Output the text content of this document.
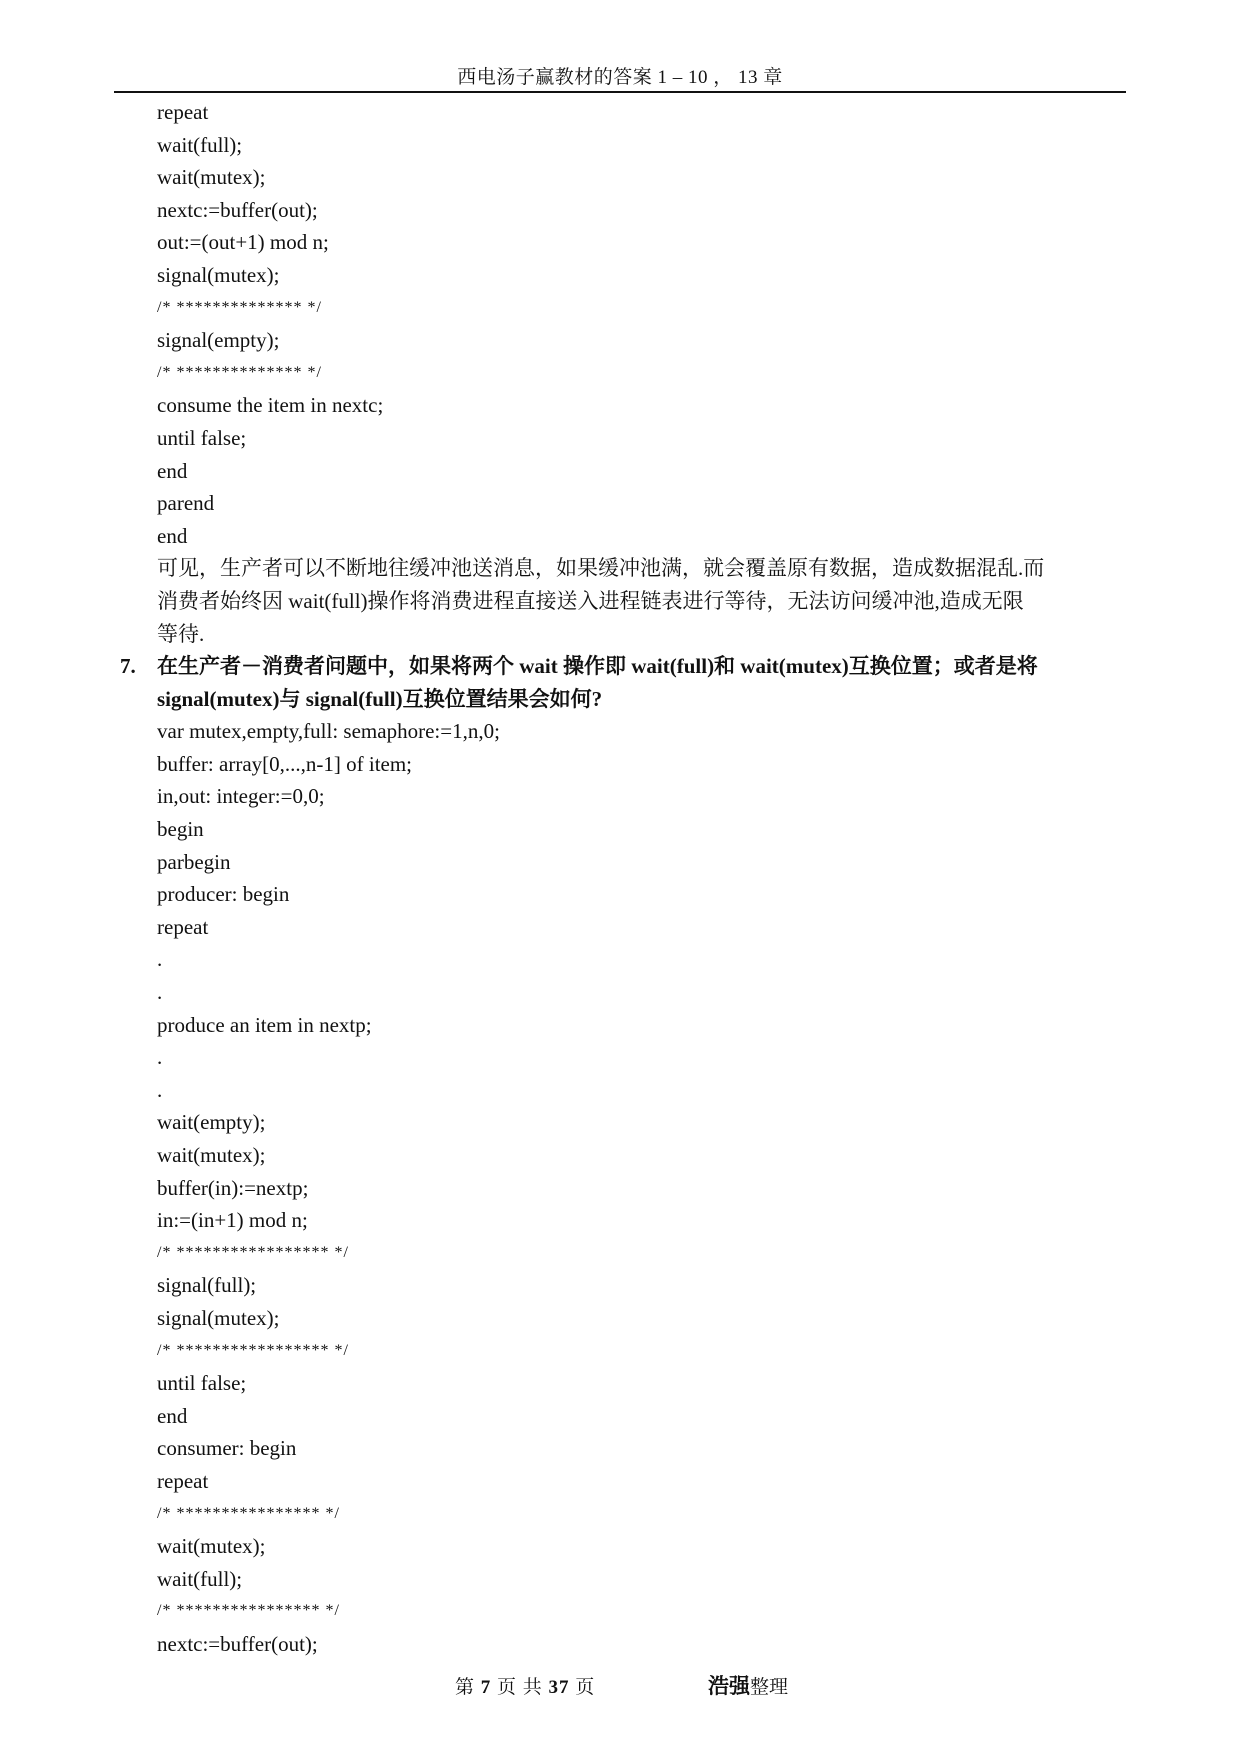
西电汤子赢教材的答案 1 – 10 ， 13 章
repeat
wait(full);
wait(mutex);
nextc:=buffer(out);
out:=(out+1) mod n;
signal(mutex);
/* ************** */
signal(empty);
/* ************** */
consume the item in nextc;
until false;
end
parend
end
可见，生产者可以不断地往缓冲池送消息，如果缓冲池满，就会覆盖原有数据，造成数据混乱.而
消费者始终因 wait(full)操作将消费进程直接送入进程链表进行等待，无法访问缓冲池,造成无限
等待.
7. 在生产者－消费者问题中，如果将两个 wait 操作即 wait(full)和 wait(mutex)互换位置；或者是将
signal(mutex)与 signal(full)互换位置结果会如何?
var mutex,empty,full: semaphore:=1,n,0;
buffer: array[0,...,n-1] of item;
in,out: integer:=0,0;
begin
parbegin
producer: begin
repeat
.
.
produce an item in nextp;
.
.
wait(empty);
wait(mutex);
buffer(in):=nextp;
in:=(in+1) mod n;
/* ***************** */
signal(full);
signal(mutex);
/* ***************** */
until false;
end
consumer: begin
repeat
/* **************** */
wait(mutex);
wait(full);
/* **************** */
nextc:=buffer(out);
第 7 页 共 37 页	浩强整理
